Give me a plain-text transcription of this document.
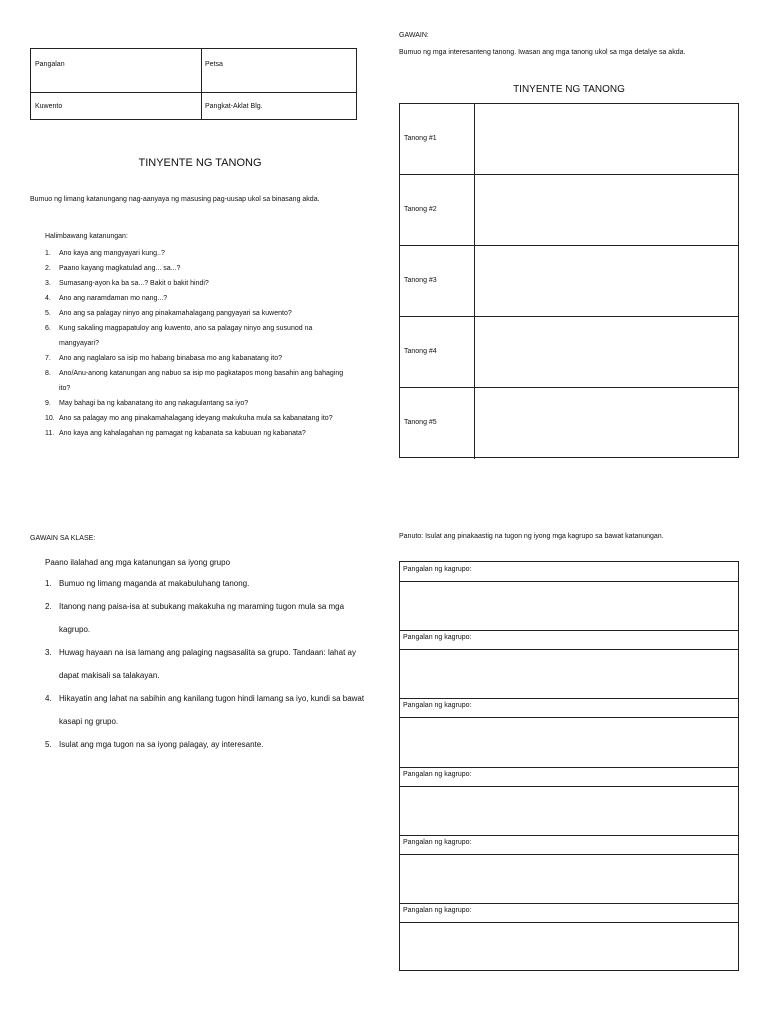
Pangalan	Petsa
Kuwento	Pangkat-Aklat Blg.
TINYENTE NG TANONG
Bumuo ng limang katanungang nag-aanyaya ng masusing pag-uusap ukol sa binasang akda.
Halimbawang katanungan:
1. Ano kaya ang mangyayari kung..?
2. Paano kayang magkatulad ang... sa...?
3. Sumasang-ayon ka ba sa...? Bakit o bakit hindi?
4. Ano ang naramdaman mo nang...?
5. Ano ang sa palagay ninyo ang pinakamahalagang pangyayari sa kuwento?
6. Kung sakaling magpapatuloy ang kuwento, ano sa palagay ninyo ang susunod na
mangyayari?
7. Ano ang naglalaro sa isip mo habang binabasa mo ang kabanatang ito?
8. Ano/Anu-anong katanungan ang nabuo sa isip mo pagkatapos mong basahin ang bahaging
ito?
9. May bahagi ba ng kabanatang ito ang nakagulantang sa iyo?
10. Ano sa palagay mo ang pinakamahalagang ideyang makukuha mula sa kabanatang ito?
11. Ano kaya ang kahalagahan ng pamagat ng kabanata sa kabuuan ng kabanata?
GAWAIN SA KLASE:
Paano ilalahad ang mga katanungan sa iyong grupo
1. Bumuo ng limang maganda at makabuluhang tanong.
2. Itanong nang paisa-isa at subukang makakuha ng maraming tugon mula sa mga
kagrupo.
3. Huwag hayaan na isa lamang ang palaging nagsasalita sa grupo. Tandaan: lahat ay
dapat makisali sa talakayan.
4. Hikayatin ang lahat na sabihin ang kanilang tugon hindi lamang sa iyo, kundi sa bawat
kasapi ng grupo.
5. Isulat ang mga tugon na sa iyong palagay, ay interesante.
GAWAIN:
Bumuo ng mga interesanteng tanong. Iwasan ang mga tanong ukol sa mga detalye sa akda.
TINYENTE NG TANONG
Tanong #1
Tanong #2
Tanong #3
Tanong #4
Tanong #5
Panuto: Isulat ang pinakaastig na tugon ng iyong mga kagrupo sa bawat katanungan.
Pangalan ng kagrupo:
Pangalan ng kagrupo:
Pangalan ng kagrupo:
Pangalan ng kagrupo:
Pangalan ng kagrupo:
Pangalan ng kagrupo:
